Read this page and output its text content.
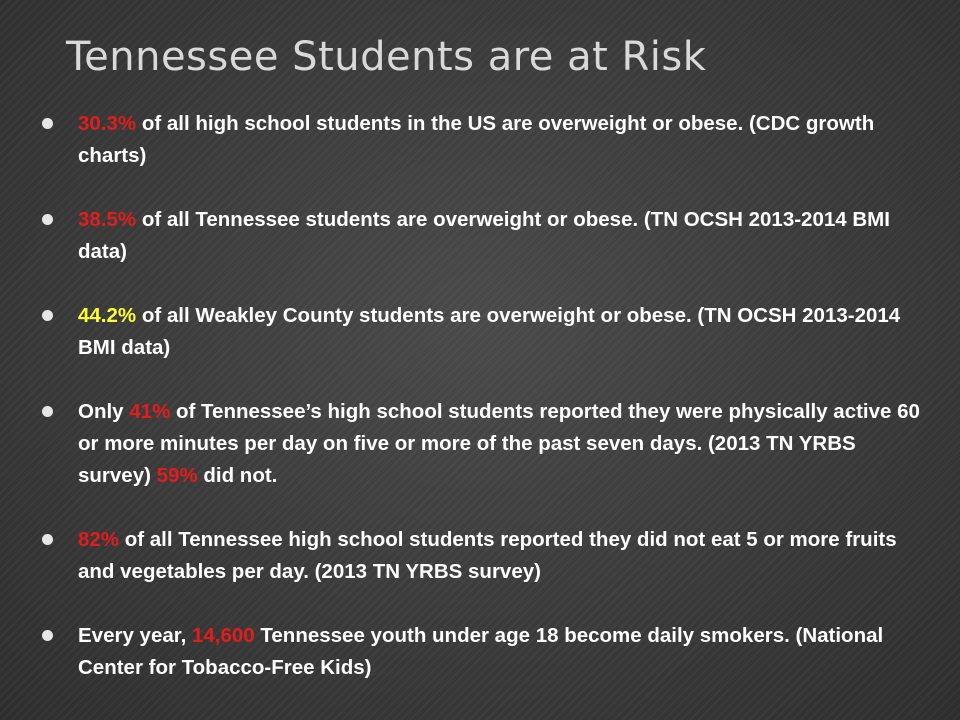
Tennessee Students are at Risk
30.3% of all high school students in the US are overweight or obese. (CDC growth charts)
38.5% of all Tennessee students are overweight or obese. (TN OCSH 2013-2014 BMI data)
44.2% of all Weakley County students are overweight or obese. (TN OCSH 2013-2014 BMI data)
Only 41% of Tennessee’s high school students reported they were physically active 60 or more minutes per day on five or more of the past seven days. (2013 TN YRBS survey) 59% did not.
82% of all Tennessee high school students reported they did not eat 5 or more fruits and vegetables per day. (2013 TN YRBS survey)
Every year, 14,600 Tennessee youth under age 18 become daily smokers. (National Center for Tobacco-Free Kids)
